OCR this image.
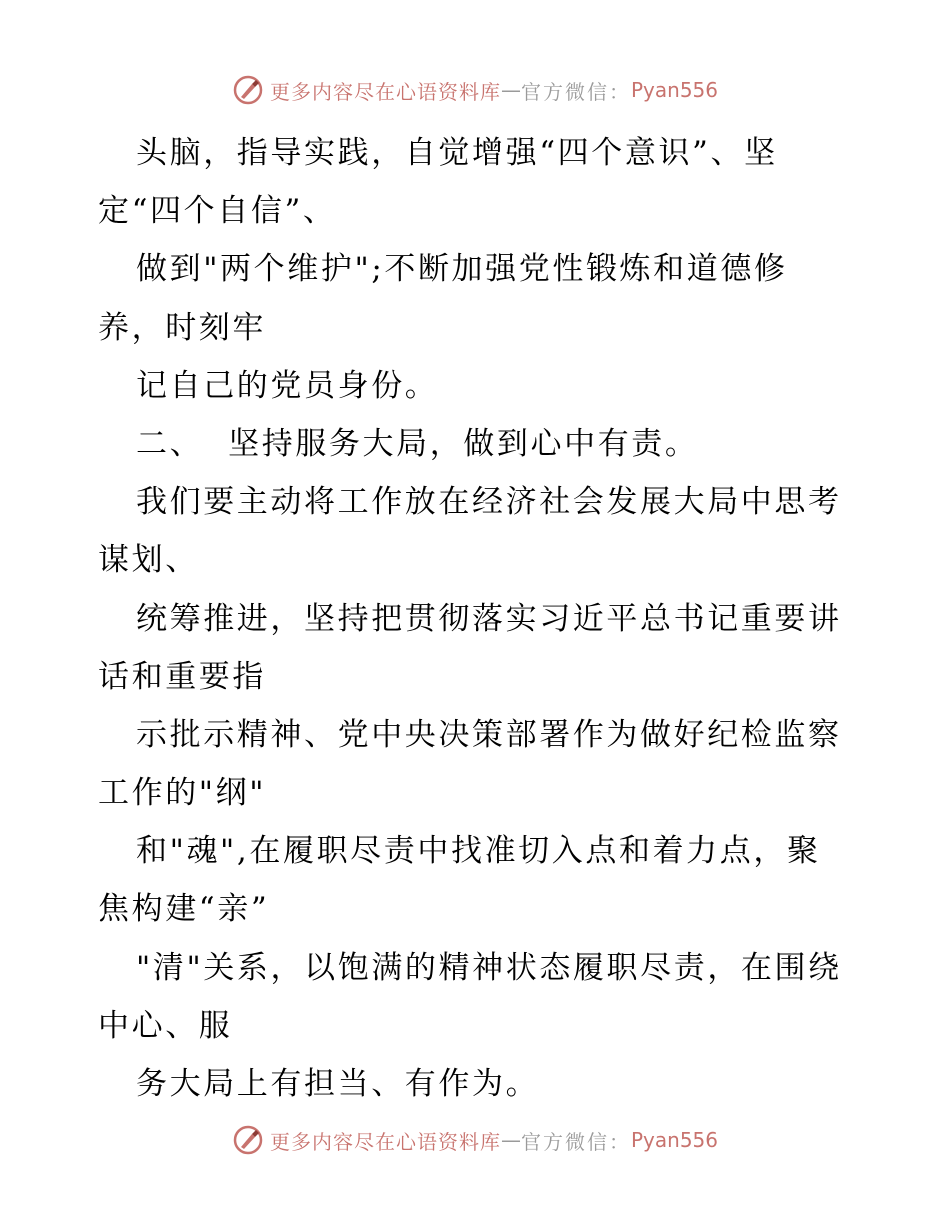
更多内容尽在心语资料库 — 官方微信： Pyan556
头脑，指导实践，自觉增强“四个意识”、坚
定“四个自信”、
做到"两个维护";不断加强党性锻炼和道德修
养，时刻牢
记自己的党员身份。
二、  坚持服务大局，做到心中有责。
我们要主动将工作放在经济社会发展大局中思考
谋划、
统筹推进，坚持把贯彻落实习近平总书记重要讲
话和重要指
示批示精神、党中央决策部署作为做好纪检监察
工作的"纲"
和"魂",在履职尽责中找准切入点和着力点，聚
焦构建“亲”
"清"关系，以饱满的精神状态履职尽责，在围绕
中心、服
务大局上有担当、有作为。
更多内容尽在心语资料库 — 官方微信： Pyan556
